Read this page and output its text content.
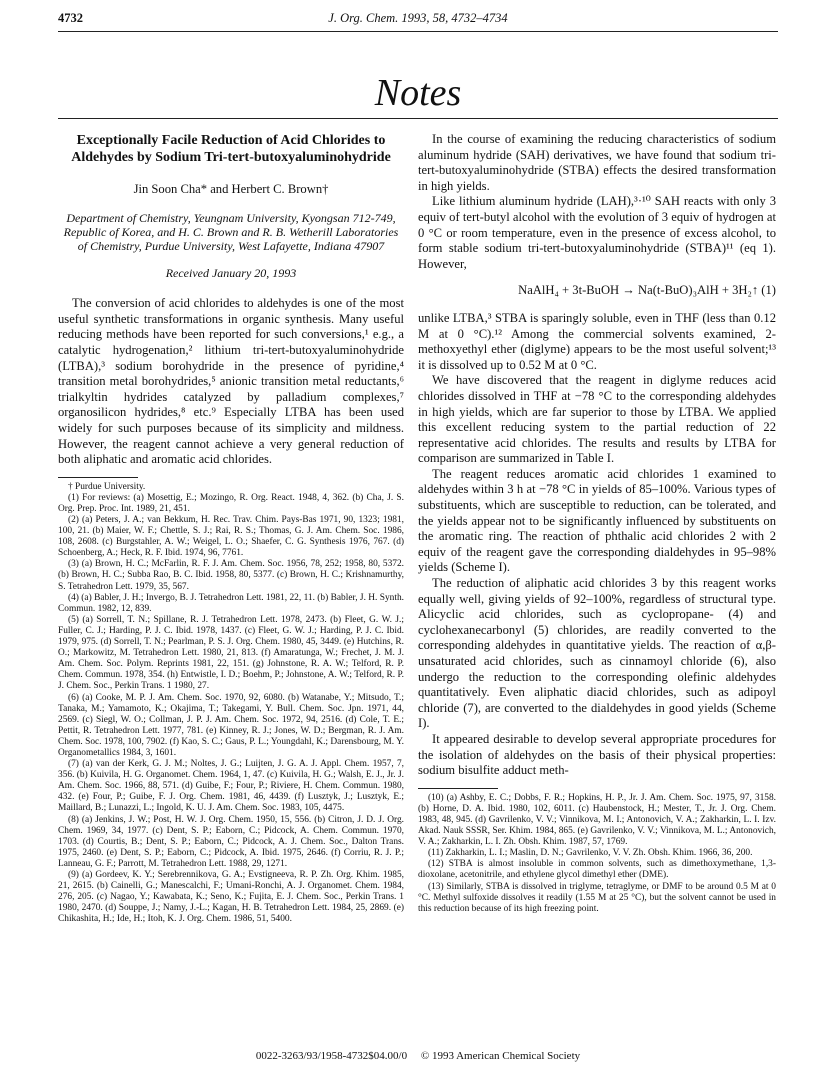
4732	J. Org. Chem. 1993, 58, 4732–4734
Notes
Exceptionally Facile Reduction of Acid Chlorides to Aldehydes by Sodium Tri-tert-butoxyaluminohydride
Jin Soon Cha* and Herbert C. Brown†
Department of Chemistry, Yeungnam University, Kyongsan 712-749, Republic of Korea, and H. C. Brown and R. B. Wetherill Laboratories of Chemistry, Purdue University, West Lafayette, Indiana 47907
Received January 20, 1993

The conversion of acid chlorides to aldehydes is one of the most useful synthetic transformations in organic synthesis. Many useful reducing methods have been reported for such conversions,¹ e.g., a catalytic hydrogenation,² lithium tri-tert-butoxyaluminohydride (LTBA),³ sodium borohydride in the presence of pyridine,⁴ transition metal borohydrides,⁵ anionic transition metal reductants,⁶ trialkyltin hydrides catalyzed by palladium complexes,⁷ organosilicon hydrides,⁸ etc.⁹ Especially LTBA has been used widely for such purposes because of its simplicity and mildness. However, the reagent cannot achieve a very general reduction of both aliphatic and aromatic acid chlorides.

† Purdue University.
(1) For reviews: (a) Mosettig, E.; Mozingo, R. Org. React. 1948, 4, 362. (b) Cha, J. S. Org. Prep. Proc. Int. 1989, 21, 451.
(2) (a) Peters, J. A.; van Bekkum, H. Rec. Trav. Chim. Pays-Bas 1971, 90, 1323; 1981, 100, 21. (b) Maier, W. F.; Chettle, S. J.; Rai, R. S.; Thomas, G. J. Am. Chem. Soc. 1986, 108, 2608. (c) Burgstahler, A. W.; Weigel, L. O.; Shaefer, C. G. Synthesis 1976, 767. (d) Schoenberg, A.; Heck, R. F. Ibid. 1974, 96, 7761.
(3) (a) Brown, H. C.; McFarlin, R. F. J. Am. Chem. Soc. 1956, 78, 252; 1958, 80, 5372. (b) Brown, H. C.; Subba Rao, B. C. Ibid. 1958, 80, 5377. (c) Brown, H. C.; Krishnamurthy, S. Tetrahedron Lett. 1979, 35, 567.
(4) (a) Babler, J. H.; Invergo, B. J. Tetrahedron Lett. 1981, 22, 11. (b) Babler, J. H. Synth. Commun. 1982, 12, 839.
(5) (a) Sorrell, T. N.; Spillane, R. J. Tetrahedron Lett. 1978, 2473. (b) Fleet, G. W. J.; Fuller, C. J.; Harding, P. J. C. Ibid. 1978, 1437. (c) Fleet, G. W. J.; Harding, P. J. C. Ibid. 1979, 975. (d) Sorrell, T. N.; Pearlman, P. S. J. Org. Chem. 1980, 45, 3449. (e) Hutchins, R. O.; Markowitz, M. Tetrahedron Lett. 1980, 21, 813. (f) Amaratunga, W.; Frechet, J. M. J. Am. Chem. Soc. Polym. Reprints 1981, 22, 151. (g) Johnstone, R. A. W.; Telford, R. P. Chem. Commun. 1978, 354. (h) Entwistle, I. D.; Boehm, P.; Johnstone, A. W.; Telford, R. P. J. Chem. Soc., Perkin Trans. 1 1980, 27.
(6) (a) Cooke, M. P. J. Am. Chem. Soc. 1970, 92, 6080. (b) Watanabe, Y.; Mitsudo, T.; Tanaka, M.; Yamamoto, K.; Okajima, T.; Takegami, Y. Bull. Chem. Soc. Jpn. 1971, 44, 2569. (c) Siegl, W. O.; Collman, J. P. J. Am. Chem. Soc. 1972, 94, 2516. (d) Cole, T. E.; Pettit, R. Tetrahedron Lett. 1977, 781. (e) Kinney, R. J.; Jones, W. D.; Bergman, R. J. Am. Chem. Soc. 1978, 100, 7902. (f) Kao, S. C.; Gaus, P. L.; Youngdahl, K.; Darensbourg, M. Y. Organometallics 1984, 3, 1601.
(7) (a) van der Kerk, G. J. M.; Noltes, J. G.; Luijten, J. G. A. J. Appl. Chem. 1957, 7, 356. (b) Kuivila, H. G. Organomet. Chem. 1964, 1, 47. (c) Kuivila, H. G.; Walsh, E. J., Jr. J. Am. Chem. Soc. 1966, 88, 571. (d) Guibe, F.; Four, P.; Riviere, H. Chem. Commun. 1980, 432. (e) Four, P.; Guibe, F. J. Org. Chem. 1981, 46, 4439. (f) Lusztyk, J.; Lusztyk, E.; Maillard, B.; Lunazzi, L.; Ingold, K. U. J. Am. Chem. Soc. 1983, 105, 4475.
(8) (a) Jenkins, J. W.; Post, H. W. J. Org. Chem. 1950, 15, 556. (b) Citron, J. D. J. Org. Chem. 1969, 34, 1977. (c) Dent, S. P.; Eaborn, C.; Pidcock, A. Chem. Commun. 1970, 1703. (d) Courtis, B.; Dent, S. P.; Eaborn, C.; Pidcock, A. J. Chem. Soc., Dalton Trans. 1975, 2460. (e) Dent, S. P.; Eaborn, C.; Pidcock, A. Ibid. 1975, 2646. (f) Corriu, R. J. P.; Lanneau, G. F.; Parrott, M. Tetrahedron Lett. 1988, 29, 1271.
(9) (a) Gordeev, K. Y.; Serebrennikova, G. A.; Evstigneeva, R. P. Zh. Org. Khim. 1985, 21, 2615. (b) Cainelli, G.; Manescalchi, F.; Umani-Ronchi, A. J. Organomet. Chem. 1984, 276, 205. (c) Nagao, Y.; Kawabata, K.; Seno, K.; Fujita, E. J. Chem. Soc., Perkin Trans. 1 1980, 2470. (d) Souppe, J.; Namy, J.-L.; Kagan, H. B. Tetrahedron Lett. 1984, 25, 2869. (e) Chikashita, H.; Ide, H.; Itoh, K. J. Org. Chem. 1986, 51, 5400.

In the course of examining the reducing characteristics of sodium aluminum hydride (SAH) derivatives, we have found that sodium tri-tert-butoxyaluminohydride (STBA) effects the desired transformation in high yields.

Like lithium aluminum hydride (LAH),³·¹⁰ SAH reacts with only 3 equiv of tert-butyl alcohol with the evolution of 3 equiv of hydrogen at 0 °C or room temperature, even in the presence of excess alcohol, to form stable sodium tri-tert-butoxyaluminohydride (STBA)¹¹ (eq 1). However,

NaAlH₄ + 3t-BuOH → Na(t-BuO)₃AlH + 3H₂↑ (1)

unlike LTBA,³ STBA is sparingly soluble, even in THF (less than 0.12 M at 0 °C).¹² Among the commercial solvents examined, 2-methoxyethyl ether (diglyme) appears to be the most useful solvent;¹³ it is dissolved up to 0.52 M at 0 °C.

We have discovered that the reagent in diglyme reduces acid chlorides dissolved in THF at −78 °C to the corresponding aldehydes in high yields, which are far superior to those by LTBA. We applied this excellent reducing system to the partial reduction of 22 representative acid chlorides. The results and results by LTBA for comparison are summarized in Table I.

The reagent reduces aromatic acid chlorides 1 examined to aldehydes within 3 h at −78 °C in yields of 85–100%. Various types of substituents, which are susceptible to reduction, can be tolerated, and the yields appear not to be significantly influenced by substituents on the aromatic ring. The reaction of phthalic acid chlorides 2 with 2 equiv of the reagent gave the corresponding dialdehydes in 95–98% yields (Scheme I).

The reduction of aliphatic acid chlorides 3 by this reagent works equally well, giving yields of 92–100%, regardless of structural type. Alicyclic acid chlorides, such as cyclopropane- (4) and cyclohexanecarbonyl (5) chlorides, are readily converted to the corresponding aldehydes in quantitative yields. The reaction of α,β-unsaturated acid chlorides, such as cinnamoyl chloride (6), also undergo the reduction to the corresponding olefinic aldehydes quantitatively. Even aliphatic diacid chlorides, such as adipoyl chloride (7), are converted to the dialdehydes in good yields (Scheme I).

It appeared desirable to develop several appropriate procedures for the isolation of aldehydes on the basis of their physical properties: sodium bisulfite adduct meth-

(10) (a) Ashby, E. C.; Dobbs, F. R.; Hopkins, H. P., Jr. J. Am. Chem. Soc. 1975, 97, 3158. (b) Horne, D. A. Ibid. 1980, 102, 6011. (c) Haubenstock, H.; Mester, T., Jr. J. Org. Chem. 1983, 48, 945. (d) Gavrilenko, V. V.; Vinnikova, M. I.; Antonovich, V. A.; Zakharkin, L. I. Izv. Akad. Nauk SSSR, Ser. Khim. 1984, 865. (e) Gavrilenko, V. V.; Vinnikova, M. L.; Antonovich, V. A.; Zakharkin, L. I. Zh. Obsh. Khim. 1987, 57, 1769.
(11) Zakharkin, L. I.; Maslin, D. N.; Gavrilenko, V. V. Zh. Obsh. Khim. 1966, 36, 200.
(12) STBA is almost insoluble in common solvents, such as dimethoxymethane, 1,3-dioxolane, acetonitrile, and ethylene glycol dimethyl ether (DME).
(13) Similarly, STBA is dissolved in triglyme, tetraglyme, or DMF to be around 0.5 M at 0 °C. Methyl sulfoxide dissolves it readily (1.55 M at 25 °C), but the solvent cannot be used in this reduction because of its high freezing point.
0022-3263/93/1958-4732$04.00/0 © 1993 American Chemical Society
